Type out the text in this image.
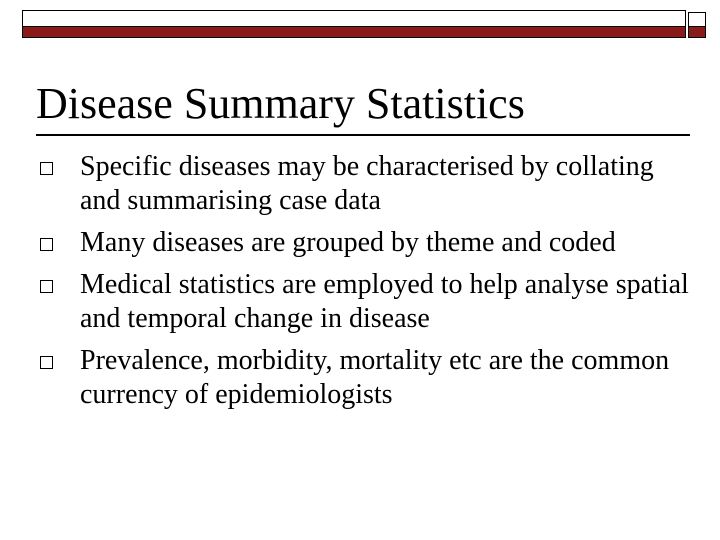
Disease Summary Statistics
Specific diseases may be characterised by collating and summarising case data
Many diseases are grouped by theme and coded
Medical statistics are employed to help analyse spatial and temporal change in disease
Prevalence, morbidity, mortality etc are the common currency of epidemiologists
